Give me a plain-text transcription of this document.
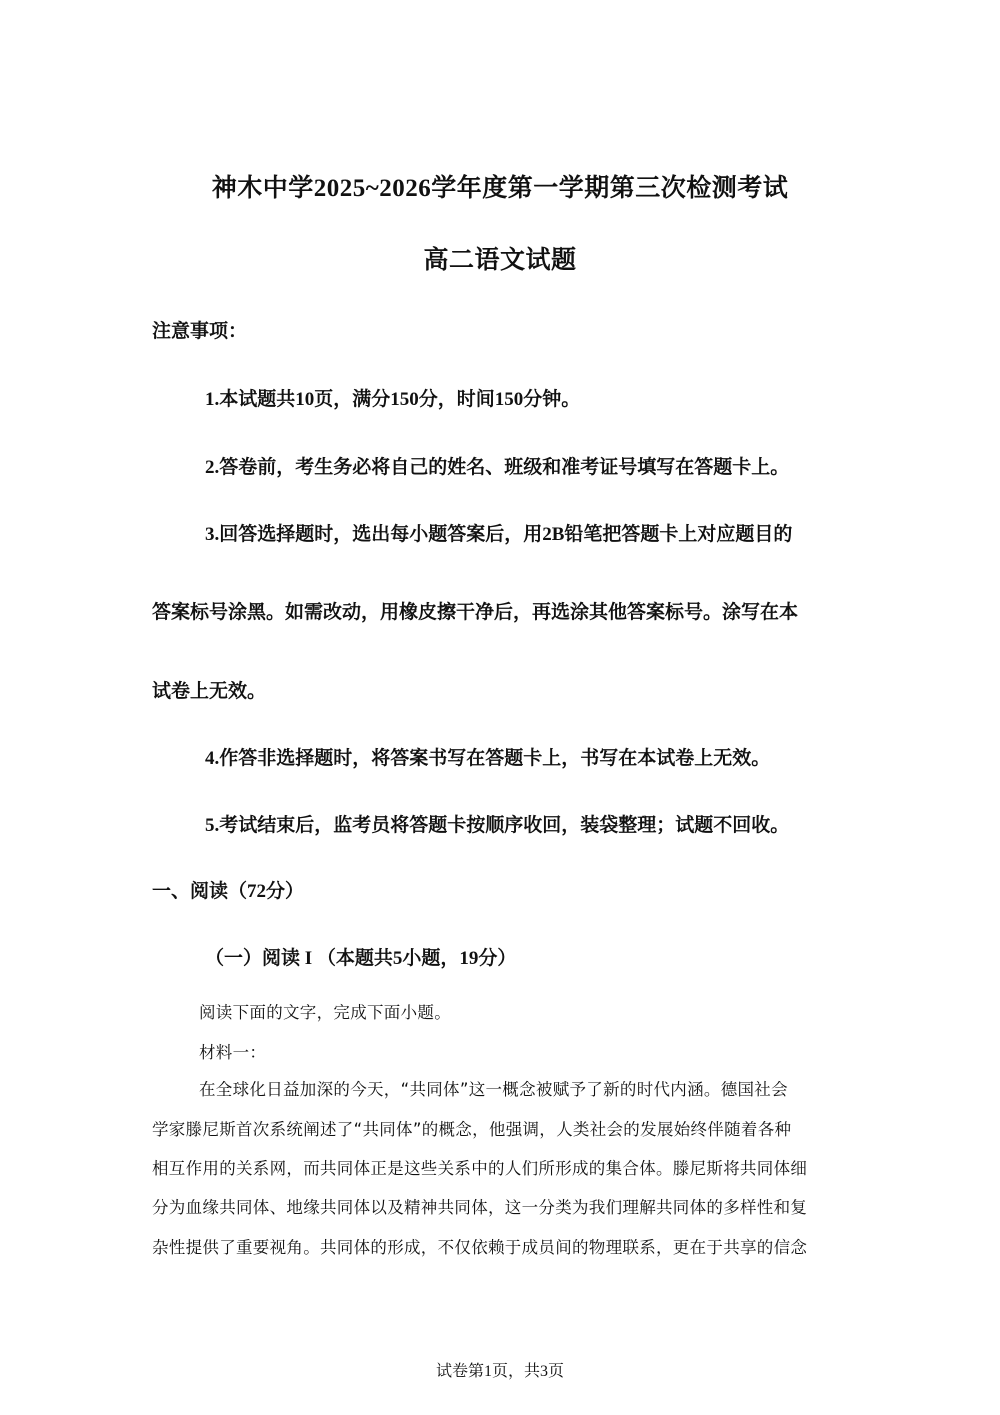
神木中学2025~2026学年度第一学期第三次检测考试
高二语文试题
注意事项：
1.本试题共10页，满分150分，时间150分钟。
2.答卷前，考生务必将自己的姓名、班级和准考证号填写在答题卡上。
3.回答选择题时，选出每小题答案后，用2B铅笔把答题卡上对应题目的
答案标号涂黑。如需改动，用橡皮擦干净后，再选涂其他答案标号。涂写在本
试卷上无效。
4.作答非选择题时，将答案书写在答题卡上，书写在本试卷上无效。
5.考试结束后，监考员将答题卡按顺序收回，装袋整理；试题不回收。
一、阅读（72分）
（一）阅读 I （本题共5小题，19分）
阅读下面的文字，完成下面小题。
材料一：
在全球化日益加深的今天，“共同体”这一概念被赋予了新的时代内涵。德国社会
学家滕尼斯首次系统阐述了“共同体”的概念，他强调，人类社会的发展始终伴随着各种
相互作用的关系网，而共同体正是这些关系中的人们所形成的集合体。滕尼斯将共同体细
分为血缘共同体、地缘共同体以及精神共同体，这一分类为我们理解共同体的多样性和复
杂性提供了重要视角。共同体的形成，不仅依赖于成员间的物理联系，更在于共享的信念
试卷第1页，共3页
